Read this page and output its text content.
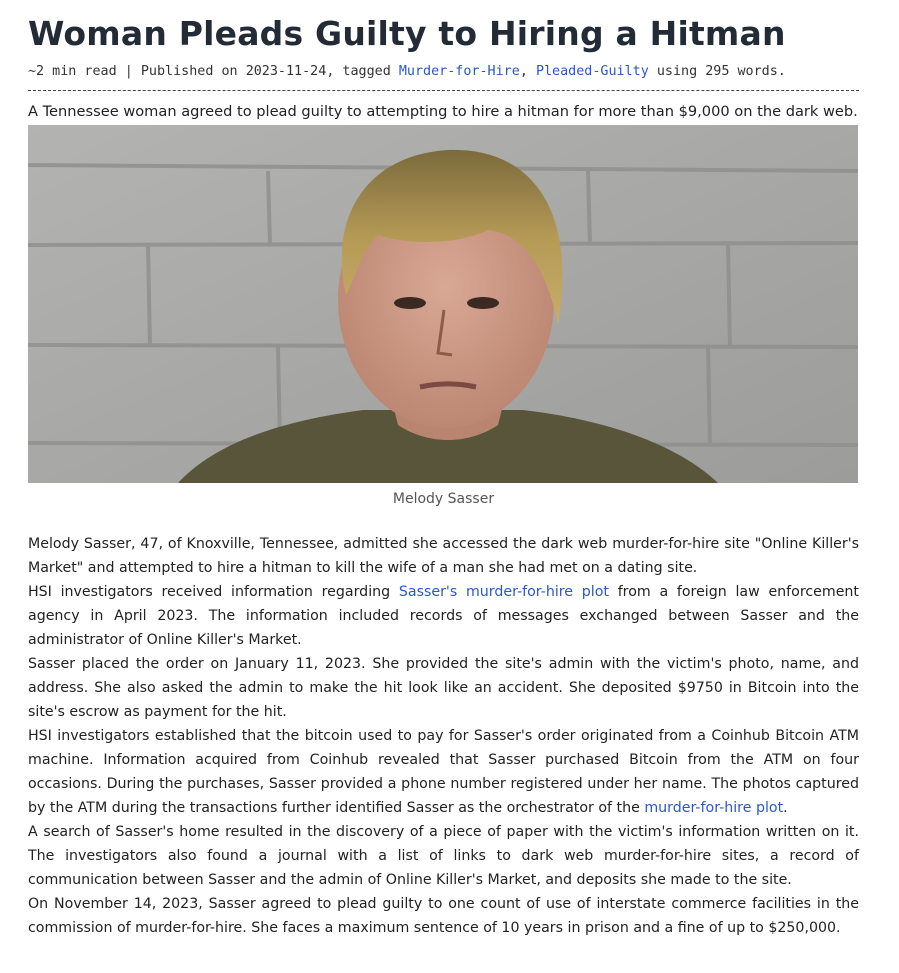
Woman Pleads Guilty to Hiring a Hitman
~2 min read | Published on 2023-11-24, tagged Murder-for-Hire, Pleaded-Guilty using 295 words.
A Tennessee woman agreed to plead guilty to attempting to hire a hitman for more than $9,000 on the dark web.
Melody Sasser

Melody Sasser, 47, of Knoxville, Tennessee, admitted she accessed the dark web murder-for-hire site "Online Killer's Market" and attempted to hire a hitman to kill the wife of a man she had met on a dating site.

HSI investigators received information regarding Sasser's murder-for-hire plot from a foreign law enforcement agency in April 2023. The information included records of messages exchanged between Sasser and the administrator of Online Killer's Market.

Sasser placed the order on January 11, 2023. She provided the site's admin with the victim's photo, name, and address. She also asked the admin to make the hit look like an accident. She deposited $9750 in Bitcoin into the site's escrow as payment for the hit.

HSI investigators established that the bitcoin used to pay for Sasser's order originated from a Coinhub Bitcoin ATM machine. Information acquired from Coinhub revealed that Sasser purchased Bitcoin from the ATM on four occasions. During the purchases, Sasser provided a phone number registered under her name. The photos captured by the ATM during the transactions further identified Sasser as the orchestrator of the murder-for-hire plot.

A search of Sasser's home resulted in the discovery of a piece of paper with the victim's information written on it. The investigators also found a journal with a list of links to dark web murder-for-hire sites, a record of communication between Sasser and the admin of Online Killer's Market, and deposits she made to the site.

On November 14, 2023, Sasser agreed to plead guilty to one count of use of interstate commerce facilities in the commission of murder-for-hire. She faces a maximum sentence of 10 years in prison and a fine of up to $250,000.
